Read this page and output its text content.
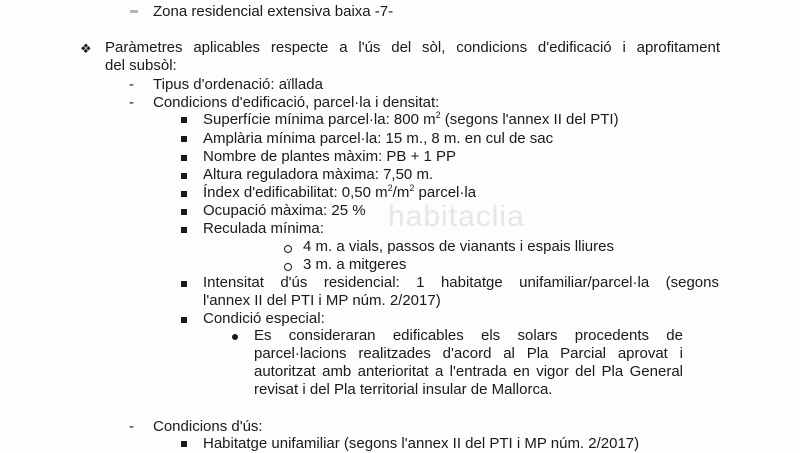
Zona residencial extensiva baixa -7-
❖ Paràmetres aplicables respecte a l'ús del sòl, condicions d'edificació i aprofitament
del subsòl:
- Tipus d'ordenació: aïllada
- Condicions d'edificació, parcel·la i densitat:
Superfície mínima parcel·la: 800 $m^2$ (segons l'annex II del PTI)
Amplària mínima parcel·la: 15 m., 8 m. en cul de sac
Nombre de plantes màxim: PB + 1 PP
Altura reguladora màxima: 7,50 m.
Índex d'edificabilitat: 0,50 $m^2/m^2$ parcel·la
Ocupació màxima: 25 %
Reculada mínima:
4 m. a vials, passos de vianants i espais lliures
3 m. a mitgeres
Intensitat d'ús residencial: 1 habitatge unifamiliar/parcel·la (segons
l'annex II del PTI i MP núm. 2/2017)
Condició especial:
Es consideraran edificables els solars procedents de
parcel·lacions realitzades d'acord al Pla Parcial aprovat i
autoritzat amb anterioritat a l'entrada en vigor del Pla General
revisat i del Pla territorial insular de Mallorca.
- Condicions d'ús:
Habitatge unifamiliar (segons l'annex II del PTI i MP núm. 2/2017)
habitaclia
